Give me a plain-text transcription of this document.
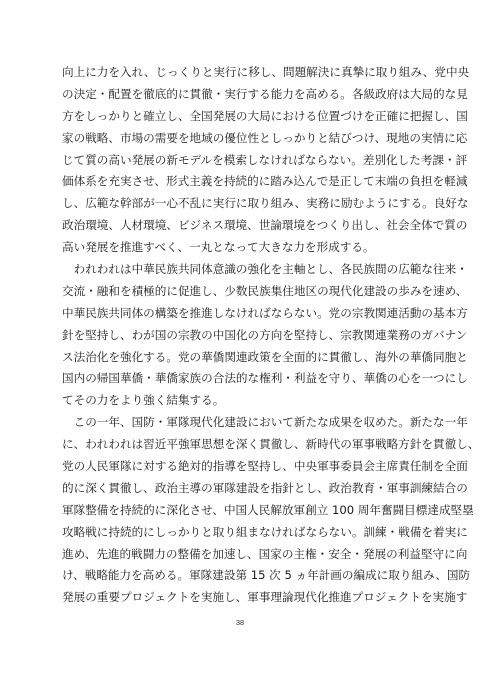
向上に力を入れ、じっくりと実行に移し、問題解決に真摯に取り組み、党中央
の決定・配置を徹底的に貫徹・実行する能力を高める。各級政府は大局的な見
方をしっかりと確立し、全国発展の大局における位置づけを正確に把握し、国
家の戦略、市場の需要を地域の優位性としっかりと結びつけ、現地の実情に応
じて質の高い発展の新モデルを模索しなければならない。差別化した考課・評
価体系を充実させ、形式主義を持続的に踏み込んで是正して末端の負担を軽減
し、広範な幹部が一心不乱に実行に取り組み、実務に励むようにする。良好な
政治環境、人材環境、ビジネス環境、世論環境をつくり出し、社会全体で質の
高い発展を推進すべく、一丸となって大きな力を形成する。
　われわれは中華民族共同体意識の強化を主軸とし、各民族間の広範な往来・
交流・融和を積極的に促進し、少数民族集住地区の現代化建設の歩みを速め、
中華民族共同体の構築を推進しなければならない。党の宗教関連活動の基本方
針を堅持し、わが国の宗教の中国化の方向を堅持し、宗教関連業務のガバナン
ス法治化を強化する。党の華僑関連政策を全面的に貫徹し、海外の華僑同胞と
国内の帰国華僑・華僑家族の合法的な権利・利益を守り、華僑の心を一つにし
てその力をより強く結集する。
　この一年、国防・軍隊現代化建設において新たな成果を収めた。新たな一年
に、われわれは習近平強軍思想を深く貫徹し、新時代の軍事戦略方針を貫徹し、
党の人民軍隊に対する絶対的指導を堅持し、中央軍事委員会主席責任制を全面
的に深く貫徹し、政治主導の軍隊建設を指針とし、政治教育・軍事訓練結合の
軍隊整備を持続的に深化させ、中国人民解放軍創立 100 周年奮闘目標達成堅塁
攻略戦に持続的にしっかりと取り組まなければならない。訓練・戦備を着実に
進め、先進的戦闘力の整備を加速し、国家の主権・安全・発展の利益堅守に向
け、戦略能力を高める。軍隊建設第 15 次 5 ヵ年計画の編成に取り組み、国防
発展の重要プロジェクトを実施し、軍事理論現代化推進プロジェクトを実施す
38
